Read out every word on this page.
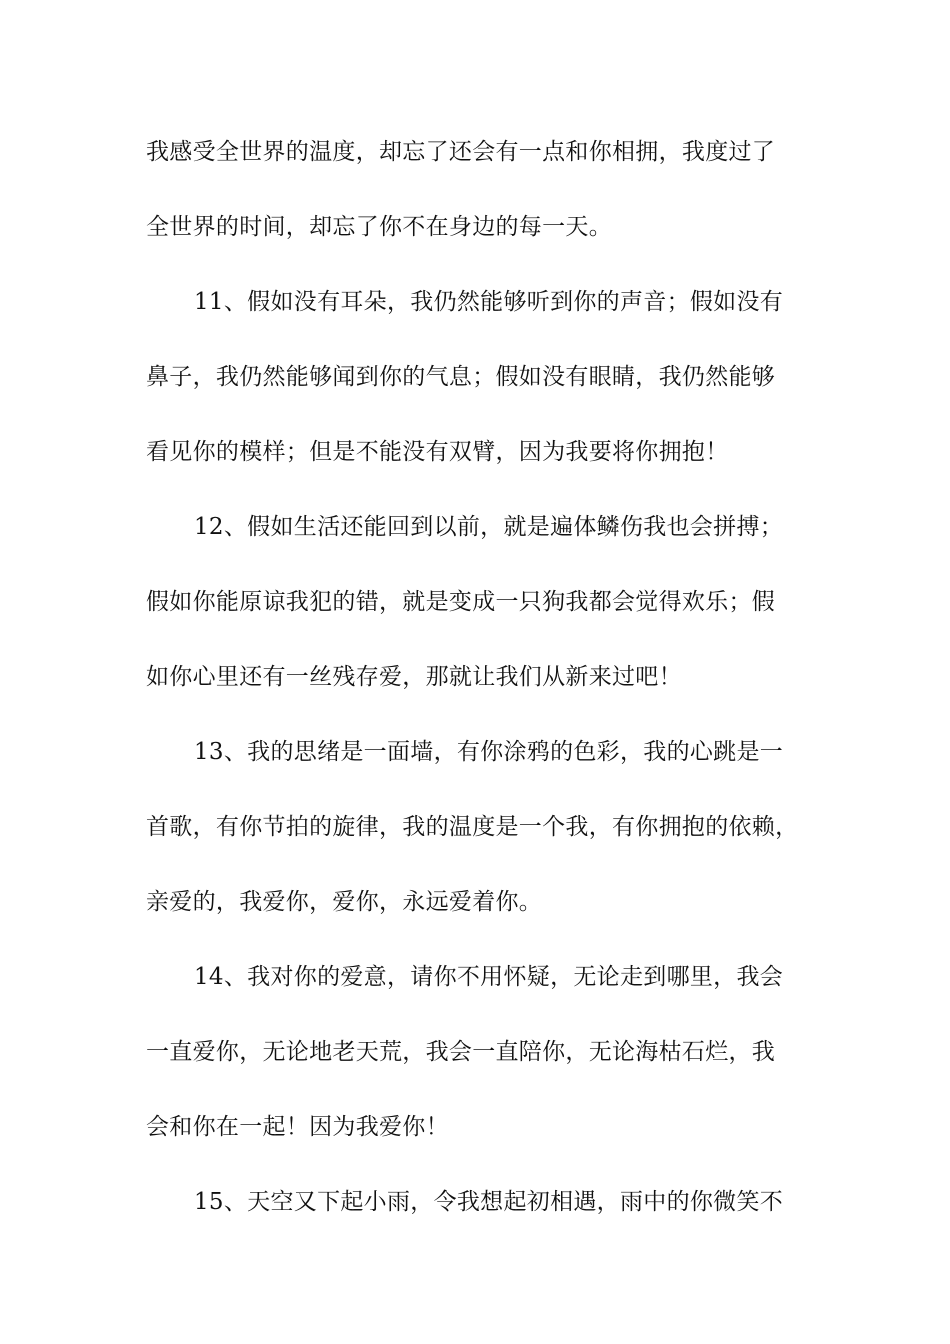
我感受全世界的温度，却忘了还会有一点和你相拥，我度过了
全世界的时间，却忘了你不在身边的每一天。
11、假如没有耳朵，我仍然能够听到你的声音；假如没有
鼻子，我仍然能够闻到你的气息；假如没有眼睛，我仍然能够
看见你的模样；但是不能没有双臂，因为我要将你拥抱！
12、假如生活还能回到以前，就是遍体鳞伤我也会拼搏；
假如你能原谅我犯的错，就是变成一只狗我都会觉得欢乐；假
如你心里还有一丝残存爱，那就让我们从新来过吧！
13、我的思绪是一面墙，有你涂鸦的色彩，我的心跳是一
首歌，有你节拍的旋律，我的温度是一个我，有你拥抱的依赖，
亲爱的，我爱你，爱你，永远爱着你。
14、我对你的爱意，请你不用怀疑，无论走到哪里，我会
一直爱你，无论地老天荒，我会一直陪你，无论海枯石烂，我
会和你在一起！因为我爱你！
15、天空又下起小雨，令我想起初相遇，雨中的你微笑不
